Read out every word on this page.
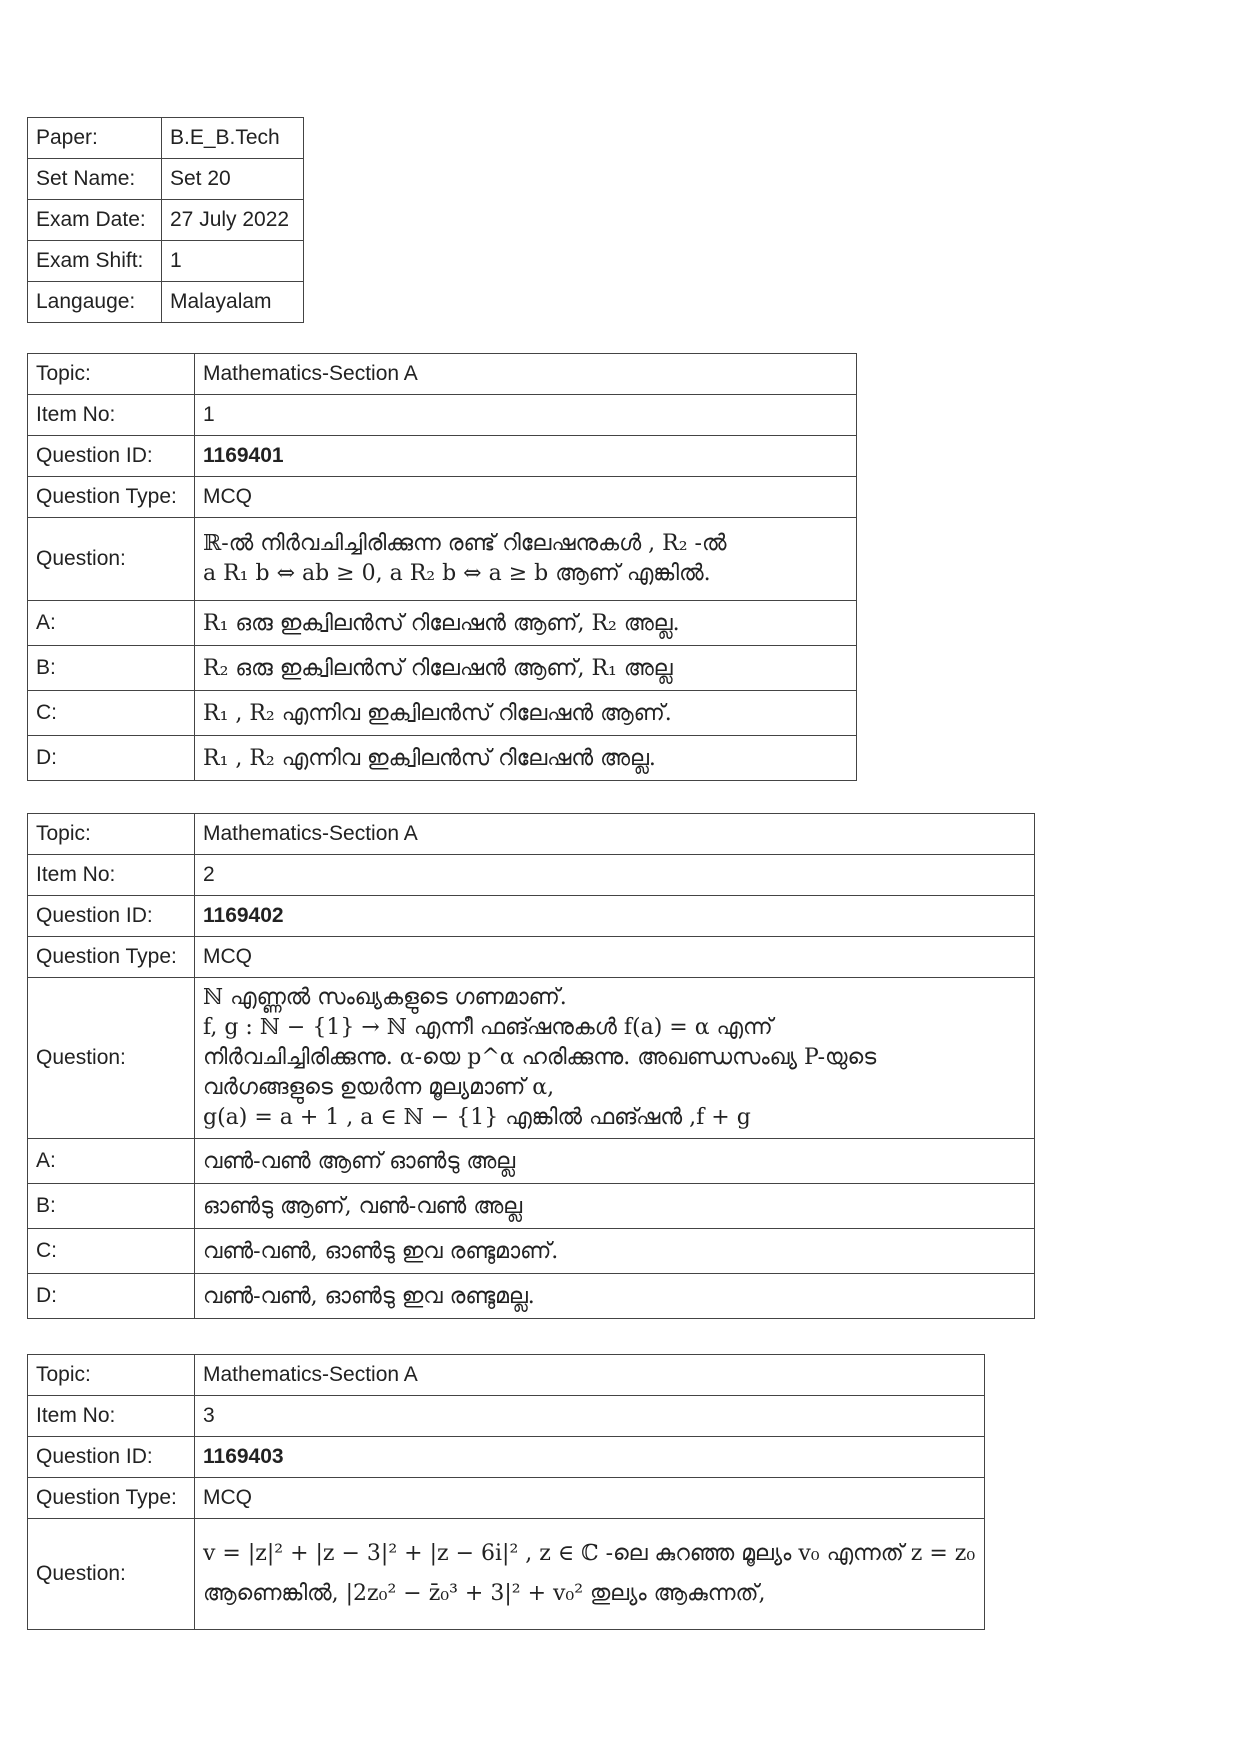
Paper:	B.E_B.Tech
Set Name:	Set 20
Exam Date:	27 July 2022
Exam Shift:	1
Langauge:	Malayalam
Topic:	Mathematics-Section A
Item No:	1
Question ID:	1169401
Question Type:	MCQ
Question:	ℝ-ൽ നിർവചിച്ചിരിക്കുന്ന രണ്ട് റിലേഷനുകൾ , R₂ -ൽ
a R₁ b ⇔ ab ≥ 0, a R₂ b ⇔ a ≥ b ആണ് എങ്കിൽ.

A:	R₁ ഒരു ഇക്വിലൻസ് റിലേഷൻ ആണ്, R₂ അല്ല.
B:	R₂ ഒരു ഇക്വിലൻസ് റിലേഷൻ ആണ്, R₁ അല്ല
C:	R₁ , R₂ എന്നിവ ഇക്വിലൻസ് റിലേഷൻ ആണ്.
D:	R₁ , R₂ എന്നിവ ഇക്വിലൻസ് റിലേഷൻ അല്ല.
Topic:	Mathematics-Section A
Item No:	2
Question ID:	1169402
Question Type:	MCQ
Question:	ℕ എണ്ണൽ സംഖ്യകളുടെ ഗണമാണ്.
f, g : ℕ − {1} → ℕ എന്നീ ഫങ്ഷനുകൾ f(a) = α എന്ന്
നിർവചിച്ചിരിക്കുന്നു. α-യെ p^α ഹരിക്കുന്നു. അഖണ്ഡസംഖ്യ P-യുടെ
വർഗങ്ങളുടെ ഉയർന്ന മൂല്യമാണ് α,
g(a) = a + 1 , a ∈ ℕ − {1} എങ്കിൽ ഫങ്ഷൻ ,f + g

A:	വൺ-വൺ ആണ് ഓൺടു അല്ല
B:	ഓൺടു ആണ്, വൺ-വൺ അല്ല
C:	വൺ-വൺ, ഓൺടു ഇവ രണ്ടുമാണ്.
D:	വൺ-വൺ, ഓൺടു ഇവ രണ്ടുമല്ല.
Topic:	Mathematics-Section A
Item No:	3
Question ID:	1169403
Question Type:	MCQ
Question:	v = |z|² + |z − 3|² + |z − 6i|² , z ∈ ℂ -ലെ കുറഞ്ഞ മൂല്യം v₀ എന്നത് z = z₀
ആണെങ്കിൽ, |2z₀² − z̄₀³ + 3|² + v₀² തുല്യം ആകുന്നത്,
